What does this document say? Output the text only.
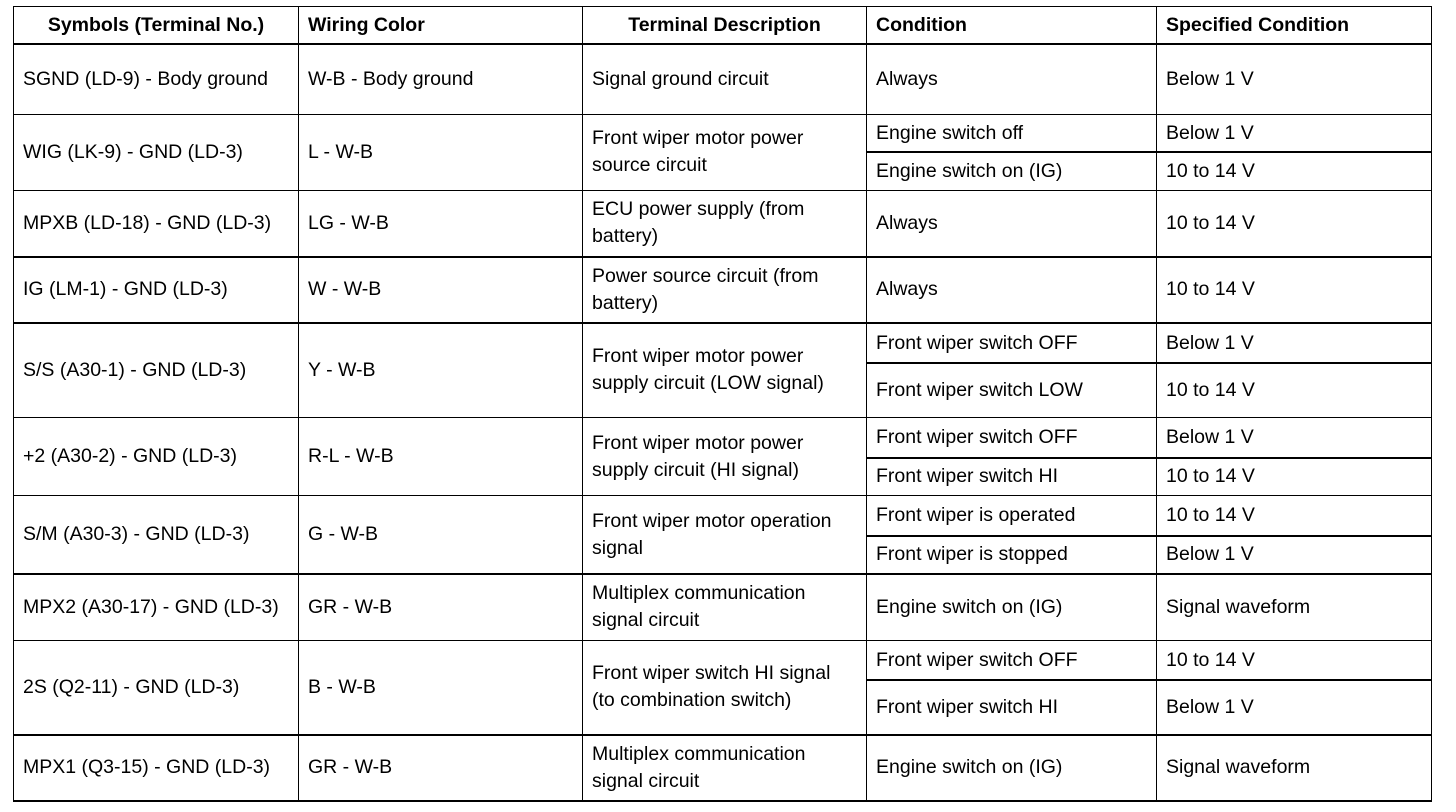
Symbols (Terminal No.)	Wiring Color	Terminal Description	Condition	Specified Condition
SGND (LD-9) - Body ground	W-B - Body ground	Signal ground circuit	Always	Below 1 V
WIG (LK-9) - GND (LD-3)	L - W-B	Front wiper motor power source circuit	Engine switch off	Below 1 V
			Engine switch on (IG)	10 to 14 V
MPXB (LD-18) - GND (LD-3)	LG - W-B	ECU power supply (from battery)	Always	10 to 14 V
IG (LM-1) - GND (LD-3)	W - W-B	Power source circuit (from battery)	Always	10 to 14 V
S/S (A30-1) - GND (LD-3)	Y - W-B	Front wiper motor power supply circuit (LOW signal)	Front wiper switch OFF	Below 1 V
			Front wiper switch LOW	10 to 14 V
+2 (A30-2) - GND (LD-3)	R-L - W-B	Front wiper motor power supply circuit (HI signal)	Front wiper switch OFF	Below 1 V
			Front wiper switch HI	10 to 14 V
S/M (A30-3) - GND (LD-3)	G - W-B	Front wiper motor operation signal	Front wiper is operated	10 to 14 V
			Front wiper is stopped	Below 1 V
MPX2 (A30-17) - GND (LD-3)	GR - W-B	Multiplex communication signal circuit	Engine switch on (IG)	Signal waveform
2S (Q2-11) - GND (LD-3)	B - W-B	Front wiper switch HI signal (to combination switch)	Front wiper switch OFF	10 to 14 V
			Front wiper switch HI	Below 1 V
MPX1 (Q3-15) - GND (LD-3)	GR - W-B	Multiplex communication signal circuit	Engine switch on (IG)	Signal waveform
